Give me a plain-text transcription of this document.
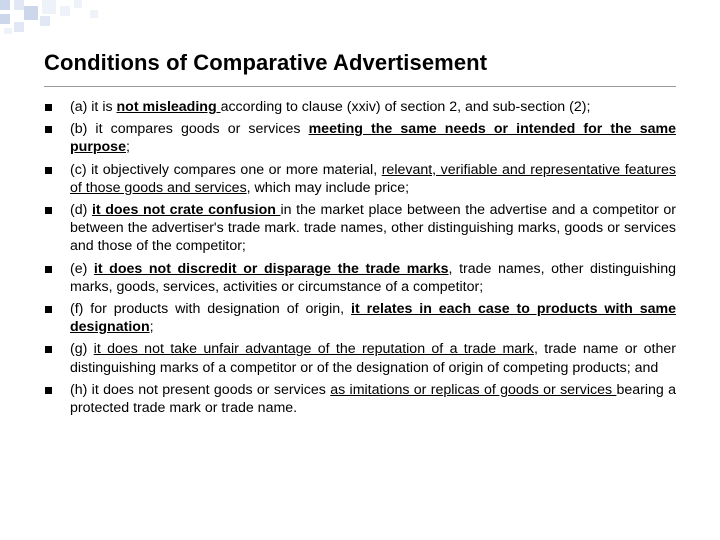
Conditions of Comparative Advertisement
(a) it is not misleading according to clause (xxiv) of section 2, and sub-section (2);
(b) it compares goods or services meeting the same needs or intended for the same purpose;
(c) it objectively compares one or more material, relevant, verifiable and representative features of those goods and services, which may include price;
(d) it does not crate confusion in the market place between the advertise and a competitor or between the advertiser's trade mark. trade names, other distinguishing marks, goods or services and those of the competitor;
(e) it does not discredit or disparage the trade marks, trade names, other distinguishing marks, goods, services, activities or circumstance of a competitor;
(f) for products with designation of origin, it relates in each case to products with same designation;
(g) it does not take unfair advantage of the reputation of a trade mark, trade name or other distinguishing marks of a competitor or of the designation of origin of competing products; and
(h) it does not present goods or services as imitations or replicas of goods or services bearing a protected trade mark or trade name.
